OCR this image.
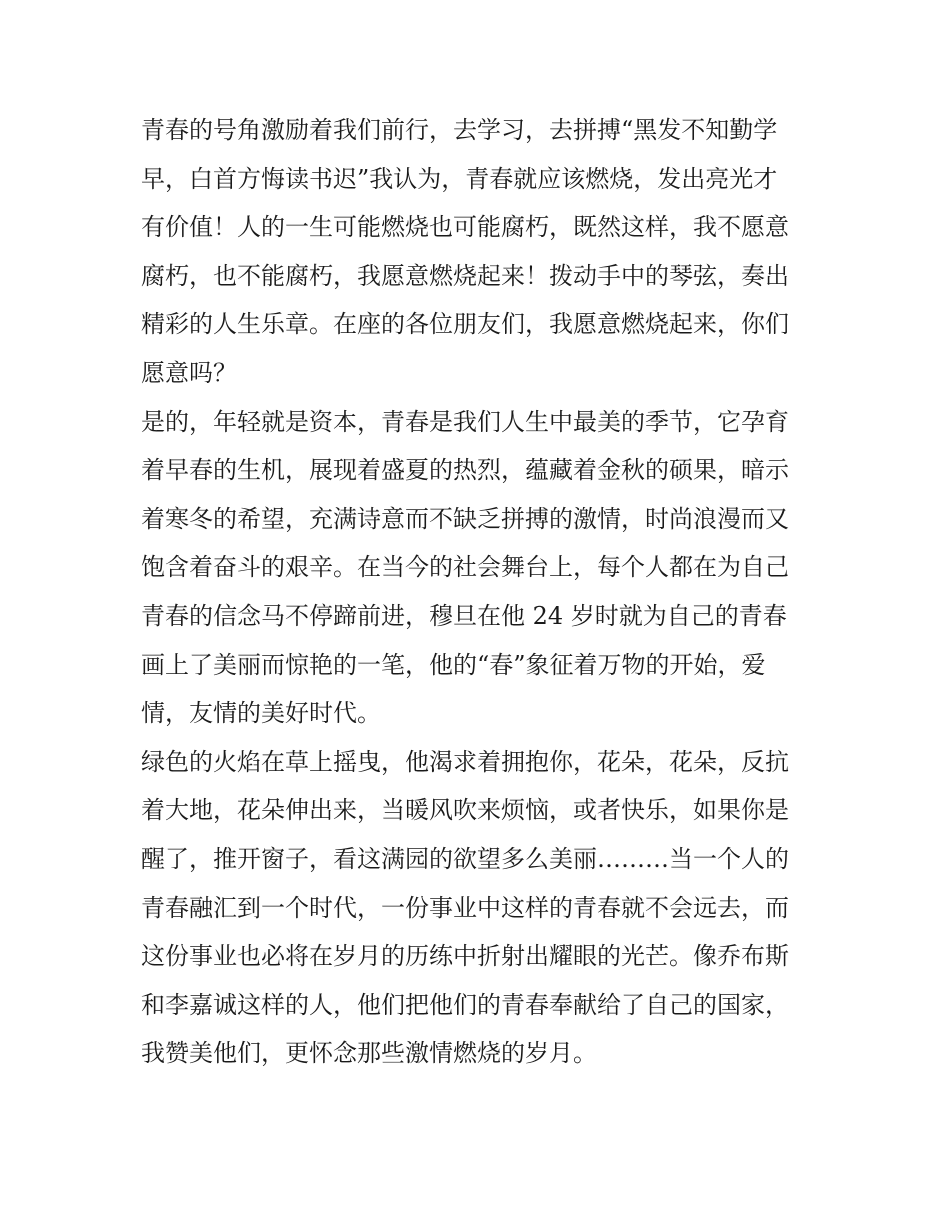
青春的号角激励着我们前行，去学习，去拼搏“黑发不知勤学
早，白首方悔读书迟”我认为，青春就应该燃烧，发出亮光才
有价值！人的一生可能燃烧也可能腐朽，既然这样，我不愿意
腐朽，也不能腐朽，我愿意燃烧起来！拨动手中的琴弦，奏出
精彩的人生乐章。在座的各位朋友们，我愿意燃烧起来，你们
愿意吗？

是的，年轻就是资本，青春是我们人生中最美的季节，它孕育
着早春的生机，展现着盛夏的热烈，蕴藏着金秋的硕果，暗示
着寒冬的希望，充满诗意而不缺乏拼搏的激情，时尚浪漫而又
饱含着奋斗的艰辛。在当今的社会舞台上，每个人都在为自己
青春的信念马不停蹄前进，穆旦在他 24 岁时就为自己的青春
画上了美丽而惊艳的一笔，他的“春”象征着万物的开始，爱
情，友情的美好时代。

绿色的火焰在草上摇曳，他渴求着拥抱你，花朵，花朵，反抗
着大地，花朵伸出来，当暖风吹来烦恼，或者快乐，如果你是
醒了，推开窗子，看这满园的欲望多么美丽………当一个人的
青春融汇到一个时代，一份事业中这样的青春就不会远去，而
这份事业也必将在岁月的历练中折射出耀眼的光芒。像乔布斯
和李嘉诚这样的人，他们把他们的青春奉献给了自己的国家，
我赞美他们，更怀念那些激情燃烧的岁月。
